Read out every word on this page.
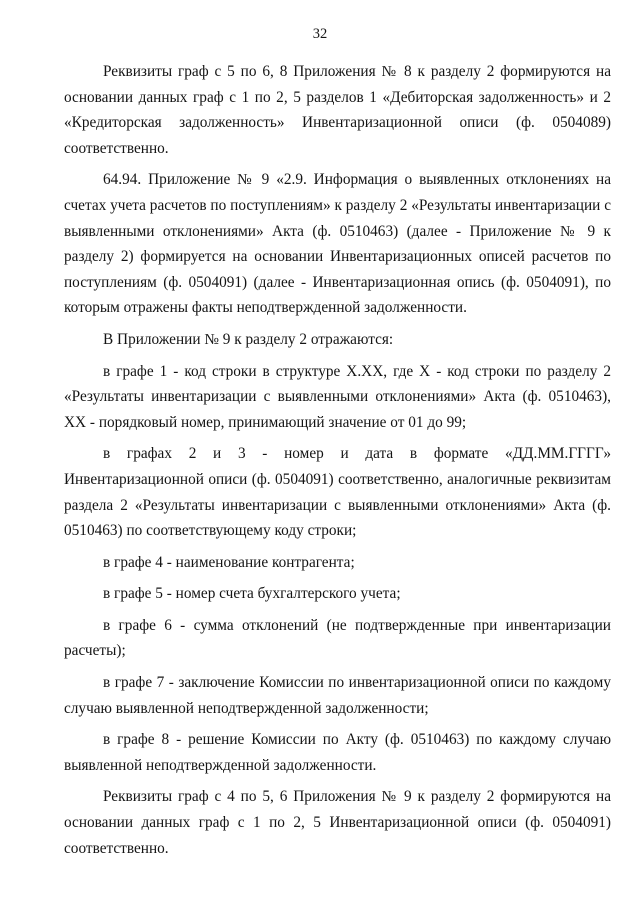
32

Реквизиты граф с 5 по 6, 8 Приложения № 8 к разделу 2 формируются на основании данных граф с 1 по 2, 5 разделов 1 «Дебиторская задолженность» и 2 «Кредиторская задолженность» Инвентаризационной описи (ф. 0504089) соответственно.

64.94. Приложение № 9 «2.9. Информация о выявленных отклонениях на счетах учета расчетов по поступлениям» к разделу 2 «Результаты инвентаризации с выявленными отклонениями» Акта (ф. 0510463) (далее - Приложение № 9 к разделу 2) формируется на основании Инвентаризационных описей расчетов по поступлениям (ф. 0504091) (далее - Инвентаризационная опись (ф. 0504091), по которым отражены факты неподтвержденной задолженности.

В Приложении № 9 к разделу 2 отражаются:

в графе 1 - код строки в структуре X.XX, где X - код строки по разделу 2 «Результаты инвентаризации с выявленными отклонениями» Акта (ф. 0510463), XX - порядковый номер, принимающий значение от 01 до 99;

в графах 2 и 3 - номер и дата в формате «ДД.ММ.ГГГГ» Инвентаризационной описи (ф. 0504091) соответственно, аналогичные реквизитам раздела 2 «Результаты инвентаризации с выявленными отклонениями» Акта (ф. 0510463) по соответствующему коду строки;

в графе 4 - наименование контрагента;

в графе 5 - номер счета бухгалтерского учета;

в графе 6 - сумма отклонений (не подтвержденные при инвентаризации расчеты);

в графе 7 - заключение Комиссии по инвентаризационной описи по каждому случаю выявленной неподтвержденной задолженности;

в графе 8 - решение Комиссии по Акту (ф. 0510463) по каждому случаю выявленной неподтвержденной задолженности.

Реквизиты граф с 4 по 5, 6 Приложения № 9 к разделу 2 формируются на основании данных граф с 1 по 2, 5 Инвентаризационной описи (ф. 0504091) соответственно.
